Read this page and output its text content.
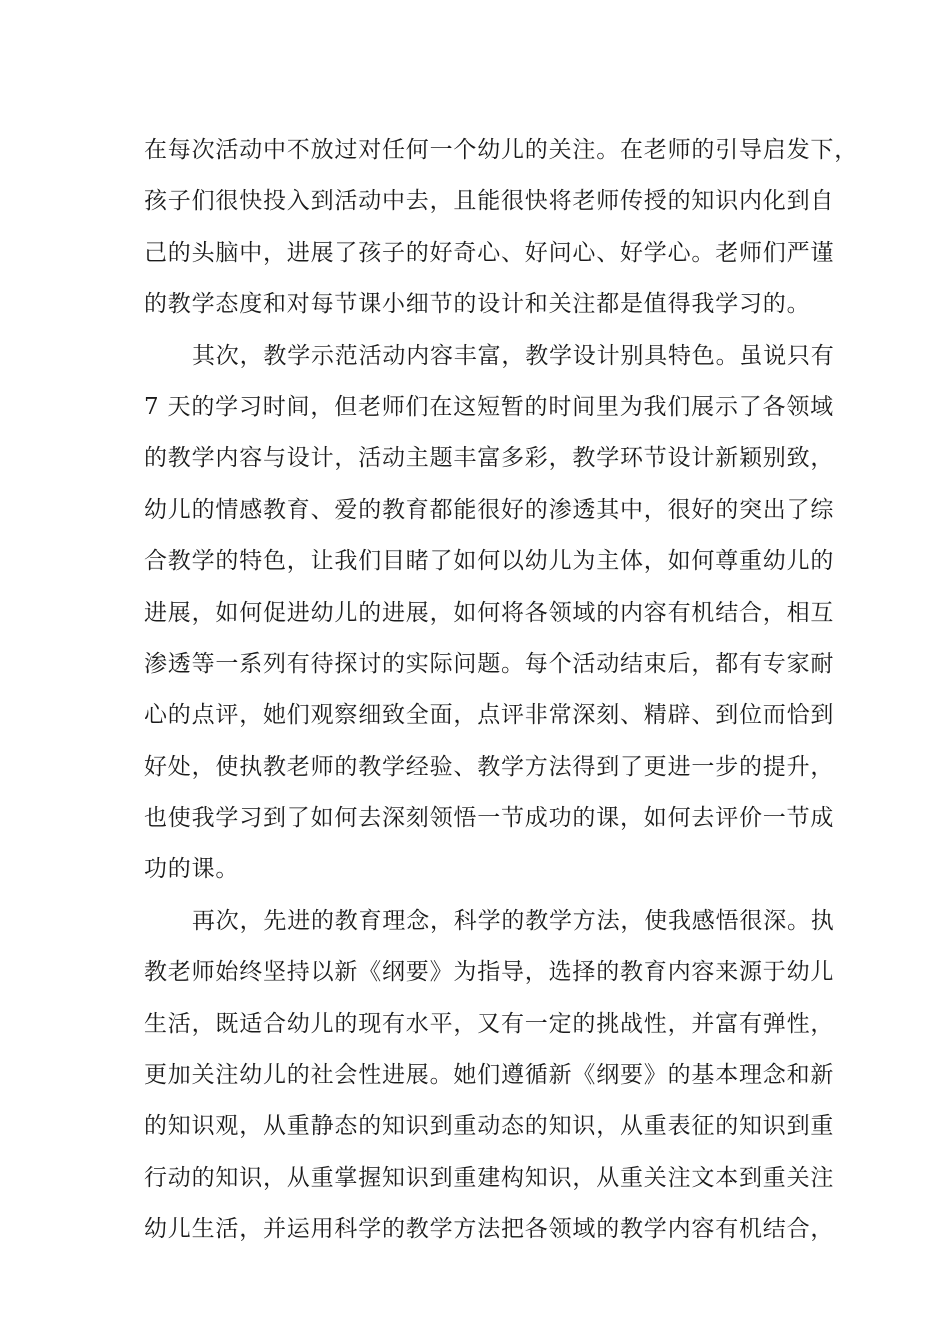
在每次活动中不放过对任何一个幼儿的关注。在老师的引导启发下，
孩子们很快投入到活动中去，且能很快将老师传授的知识内化到自
己的头脑中，进展了孩子的好奇心、好问心、好学心。老师们严谨
的教学态度和对每节课小细节的设计和关注都是值得我学习的。
其次，教学示范活动内容丰富，教学设计别具特色。虽说只有
7 天的学习时间，但老师们在这短暂的时间里为我们展示了各领域
的教学内容与设计，活动主题丰富多彩，教学环节设计新颖别致，
幼儿的情感教育、爱的教育都能很好的渗透其中，很好的突出了综
合教学的特色，让我们目睹了如何以幼儿为主体，如何尊重幼儿的
进展，如何促进幼儿的进展，如何将各领域的内容有机结合，相互
渗透等一系列有待探讨的实际问题。每个活动结束后，都有专家耐
心的点评，她们观察细致全面，点评非常深刻、精辟、到位而恰到
好处，使执教老师的教学经验、教学方法得到了更进一步的提升，
也使我学习到了如何去深刻领悟一节成功的课，如何去评价一节成
功的课。
再次，先进的教育理念，科学的教学方法，使我感悟很深。执
教老师始终坚持以新《纲要》为指导，选择的教育内容来源于幼儿
生活，既适合幼儿的现有水平，又有一定的挑战性，并富有弹性，
更加关注幼儿的社会性进展。她们遵循新《纲要》的基本理念和新
的知识观，从重静态的知识到重动态的知识，从重表征的知识到重
行动的知识，从重掌握知识到重建构知识，从重关注文本到重关注
幼儿生活，并运用科学的教学方法把各领域的教学内容有机结合，
